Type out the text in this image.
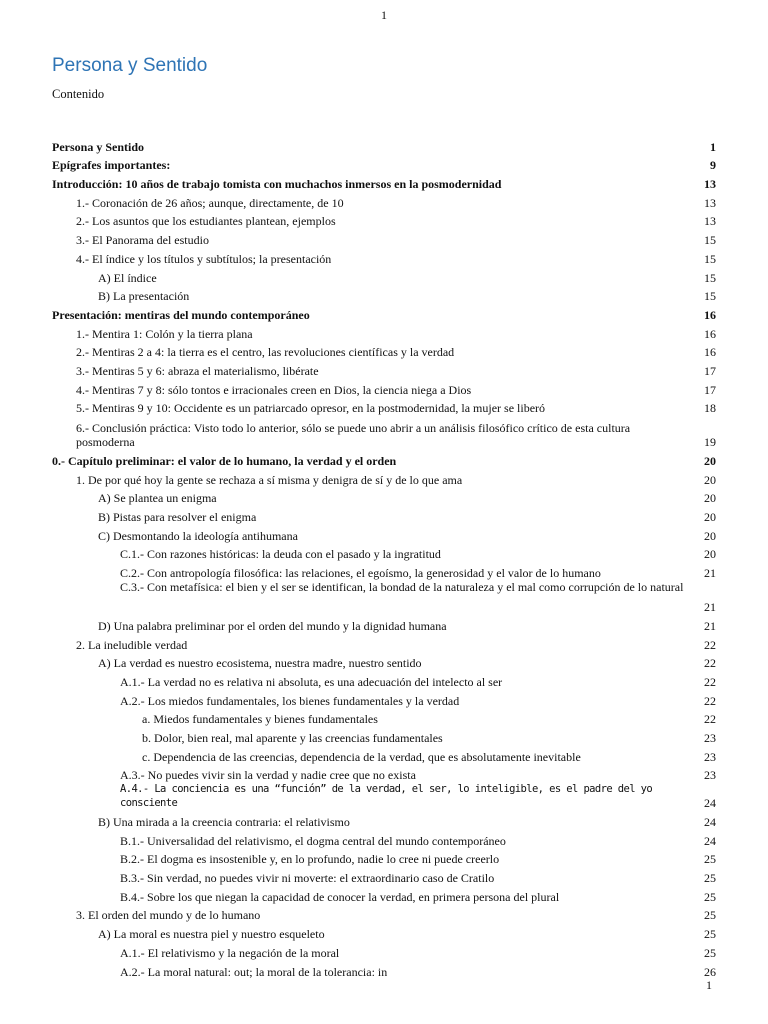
1
Persona y Sentido
Contenido
Persona y Sentido	1
Epígrafes importantes:	9
Introducción: 10 años de trabajo tomista con muchachos inmersos en la posmodernidad	13
1.- Coronación de 26 años; aunque, directamente, de 10	13
2.- Los asuntos que los estudiantes plantean, ejemplos	13
3.- El Panorama del estudio	15
4.- El índice y los títulos y subtítulos; la presentación	15
A) El índice	15
B) La presentación	15
Presentación: mentiras del mundo contemporáneo	16
1.- Mentira 1: Colón y la tierra plana	16
2.- Mentiras 2 a 4: la tierra es el centro, las revoluciones científicas y la verdad	16
3.- Mentiras 5 y 6: abraza el materialismo, libérate	17
4.- Mentiras 7 y 8: sólo tontos e irracionales creen en Dios, la ciencia niega a Dios	17
5.- Mentiras 9 y 10: Occidente es un patriarcado opresor, en la postmodernidad, la mujer se liberó	18
6.- Conclusión práctica: Visto todo lo anterior, sólo se puede uno abrir a un análisis filosófico crítico de esta cultura posmoderna	19
0.- Capítulo preliminar: el valor de lo humano, la verdad y el orden	20
1. De por qué hoy la gente se rechaza a sí misma y denigra de sí y de lo que ama	20
A) Se plantea un enigma	20
B) Pistas para resolver el enigma	20
C) Desmontando la ideología antihumana	20
C.1.- Con razones históricas: la deuda con el pasado y la ingratitud	20
C.2.- Con antropología filosófica: las relaciones, el egoísmo, la generosidad y el valor de lo humano	21
C.3.- Con metafísica: el bien y el ser se identifican, la bondad de la naturaleza y el mal como corrupción de lo natural
21
D) Una palabra preliminar por el orden del mundo y la dignidad humana	21
2. La ineludible verdad	22
A) La verdad es nuestro ecosistema, nuestra madre, nuestro sentido	22
A.1.- La verdad no es relativa ni absoluta, es una adecuación del intelecto al ser	22
A.2.- Los miedos fundamentales, los bienes fundamentales y la verdad	22
a. Miedos fundamentales y bienes fundamentales	22
b. Dolor, bien real, mal aparente y las creencias fundamentales	23
c. Dependencia de las creencias, dependencia de la verdad, que es absolutamente inevitable	23
A.3.- No puedes vivir sin la verdad y nadie cree que no exista	23
A.4.- La conciencia es una “función” de la verdad, el ser, lo inteligible, es el padre del yo consciente	24
B) Una mirada a la creencia contraria: el relativismo	24
B.1.- Universalidad del relativismo, el dogma central del mundo contemporáneo	24
B.2.- El dogma es insostenible y, en lo profundo, nadie lo cree ni puede creerlo	25
B.3.- Sin verdad, no puedes vivir ni moverte: el extraordinario caso de Cratilo	25
B.4.- Sobre los que niegan la capacidad de conocer la verdad, en primera persona del plural	25
3. El orden del mundo y de lo humano	25
A) La moral es nuestra piel y nuestro esqueleto	25
A.1.- El relativismo y la negación de la moral	25
A.2.- La moral natural: out; la moral de la tolerancia: in	26
1
